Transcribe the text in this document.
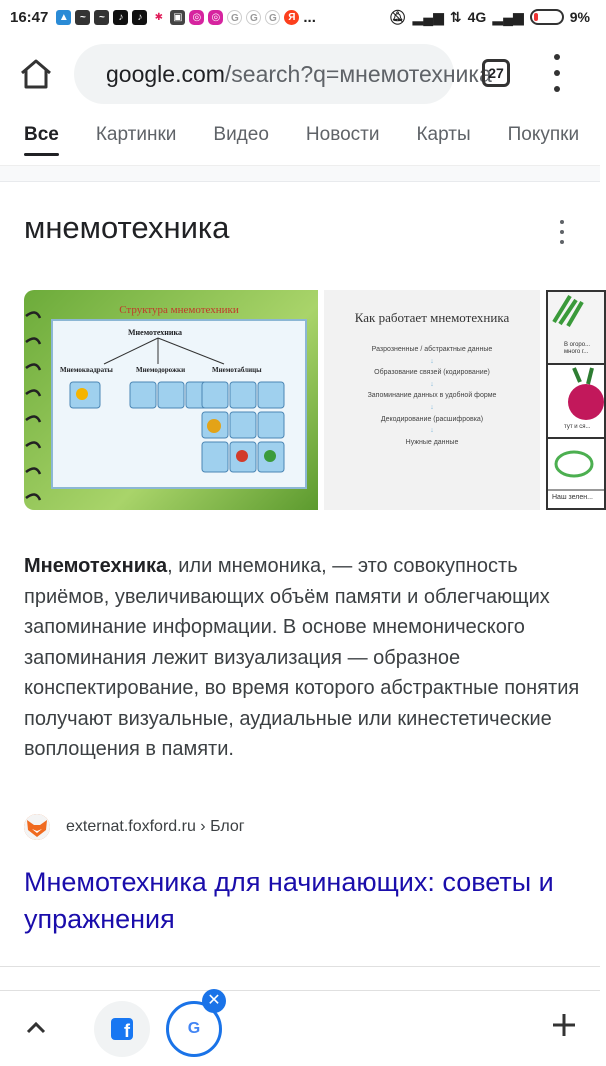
16:47 ▲	~	~	♪	♪	✱	▣ ◎	◎	G	G	G	Я ...	🔕︎ ▂▄▆ ⇅ 4G ▂▄▆	9%
google.com/search?q=мнемотехника
27
Все Картинки Видео Новости Карты Покупки
мнемотехника
Структура мнемотехники
Мнемотехника
Мнемоквадраты	Мнемодорожки	Мнемотаблицы
Как работает мнемотехника
Разрозненные / абстрактные данные
↓
Образование связей (кодирование)
↓
Запоминание данных в удобной форме
↓
Декодирование (расшифровка)
↓
Нужные данные
В огоро... много г...
тут и ся...
Наш зелен...
Мнемотехника, или мнемоника, — это совокупность приёмов, увеличивающих объём памяти и облегчающих запоминание информации. В основе мнемонического запоминания лежит визуализация — образное конспектирование, во время которого абстрактные понятия получают визуальные, аудиальные или кинестетические воплощения в памяти.
externat.foxford.ru › Блог
Мнемотехника для начинающих: советы и упражнения
f	G
✕
